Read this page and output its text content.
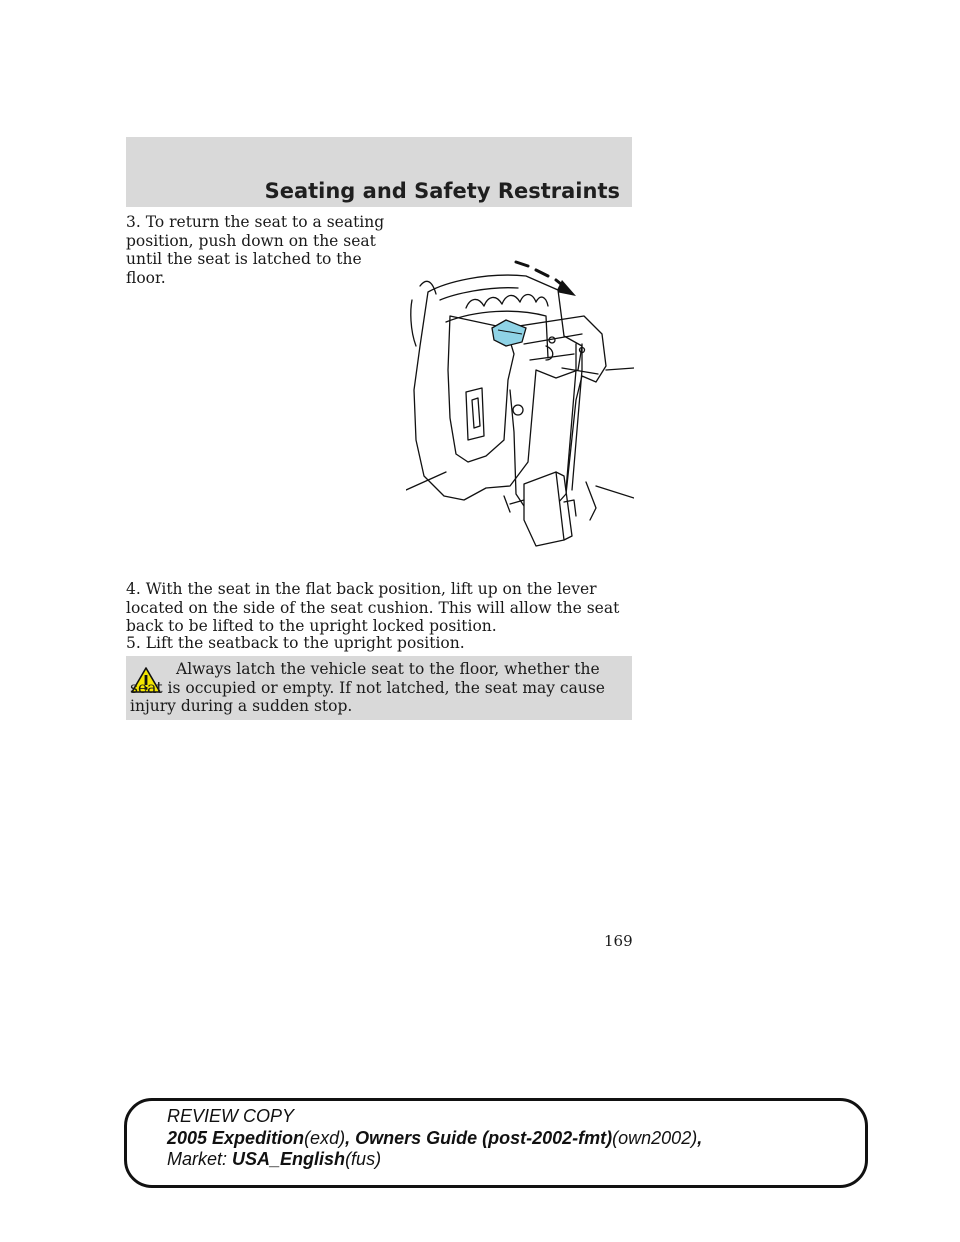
Seating and Safety Restraints

3. To return the seat to a seating position, push down on the seat until the seat is latched to the floor.

4. With the seat in the flat back position, lift up on the lever located on the side of the seat cushion. This will allow the seat back to be lifted to the upright locked position.

5. Lift the seatback to the upright position.

Always latch the vehicle seat to the floor, whether the seat is occupied or empty. If not latched, the seat may cause injury during a sudden stop.

169
REVIEW COPY
2005 Expedition(exd), Owners Guide (post-2002-fmt)(own2002),
Market: USA_English(fus)
